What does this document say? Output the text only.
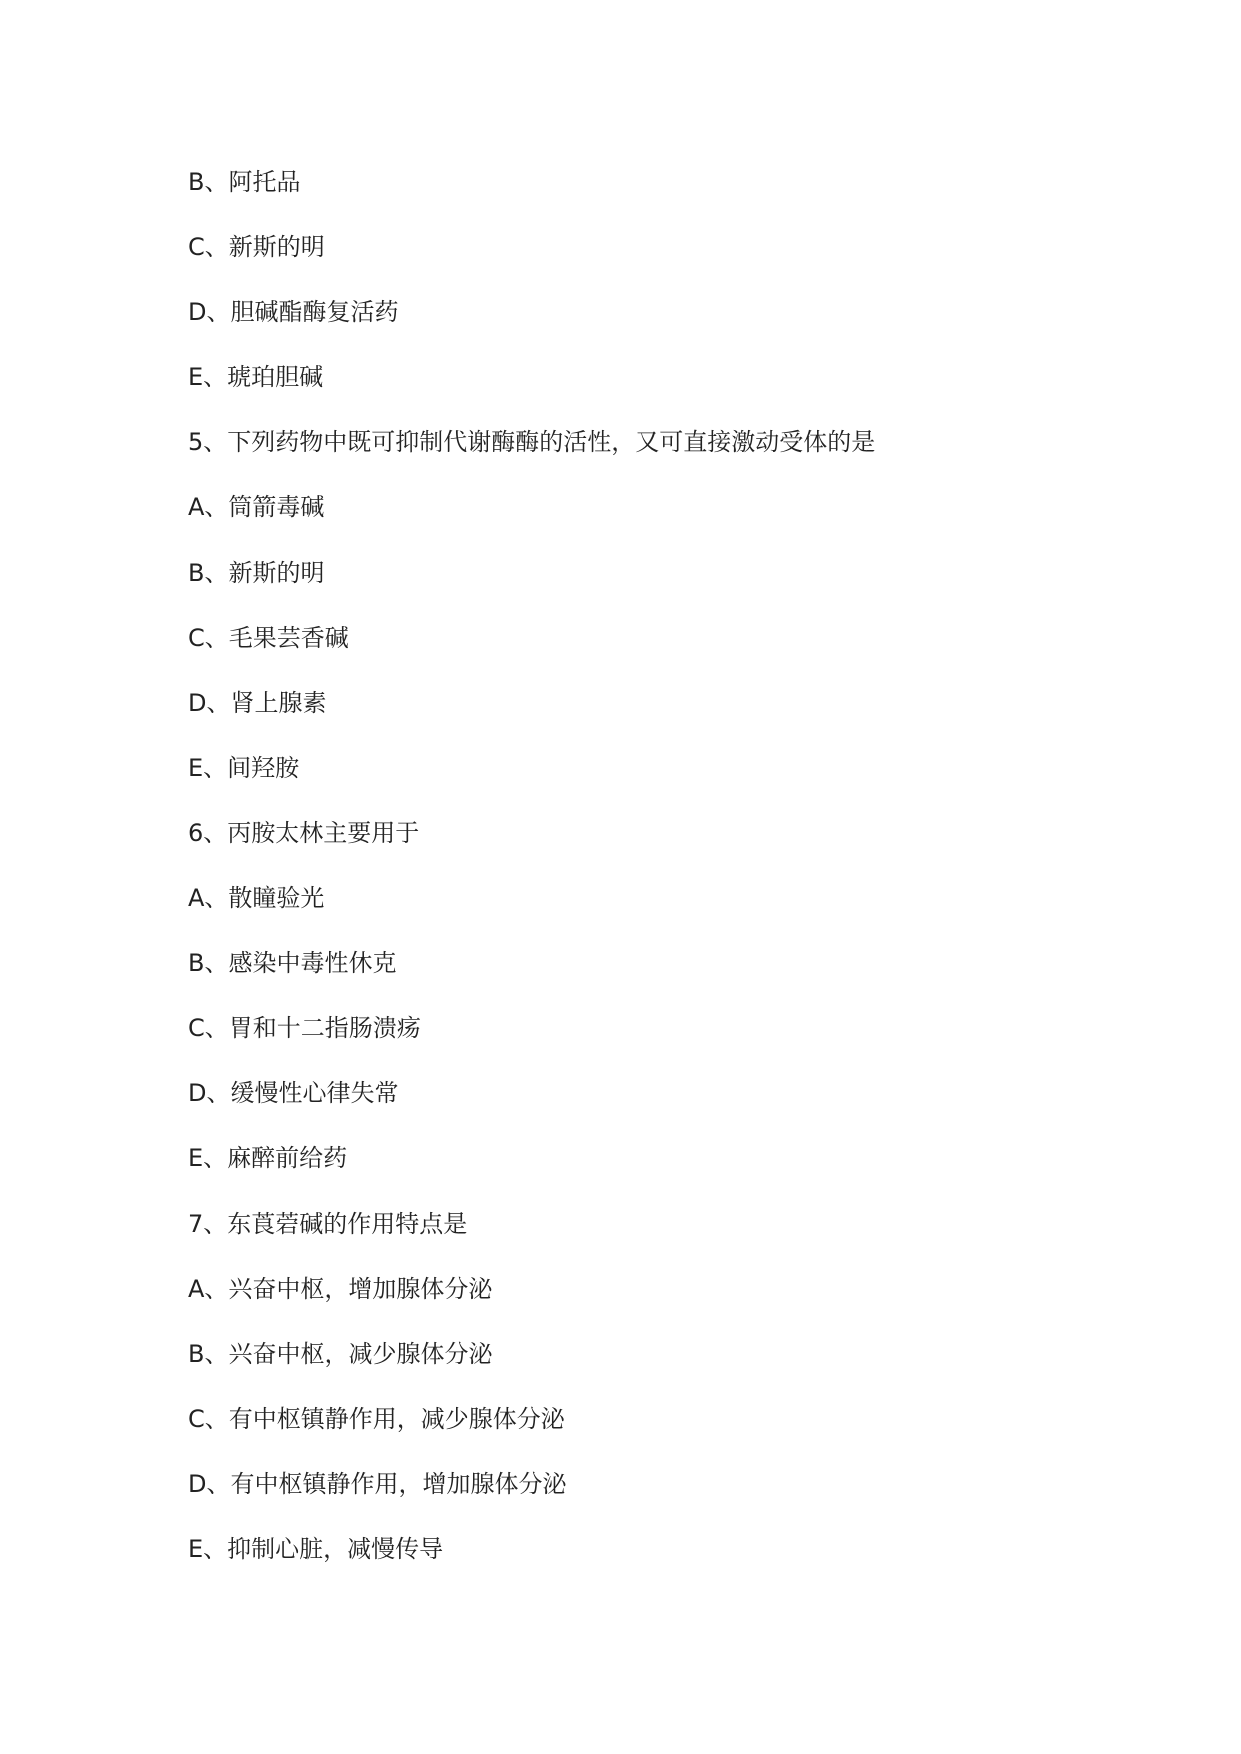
B、阿托品
C、新斯的明
D、胆碱酯酶复活药
E、琥珀胆碱
5、下列药物中既可抑制代谢酶酶的活性，又可直接激动受体的是
A、筒箭毒碱
B、新斯的明
C、毛果芸香碱
D、肾上腺素
E、间羟胺
6、丙胺太林主要用于
A、散瞳验光
B、感染中毒性休克
C、胃和十二指肠溃疡
D、缓慢性心律失常
E、麻醉前给药
7、东莨菪碱的作用特点是
A、兴奋中枢，增加腺体分泌
B、兴奋中枢，减少腺体分泌
C、有中枢镇静作用，减少腺体分泌
D、有中枢镇静作用，增加腺体分泌
E、抑制心脏，减慢传导
